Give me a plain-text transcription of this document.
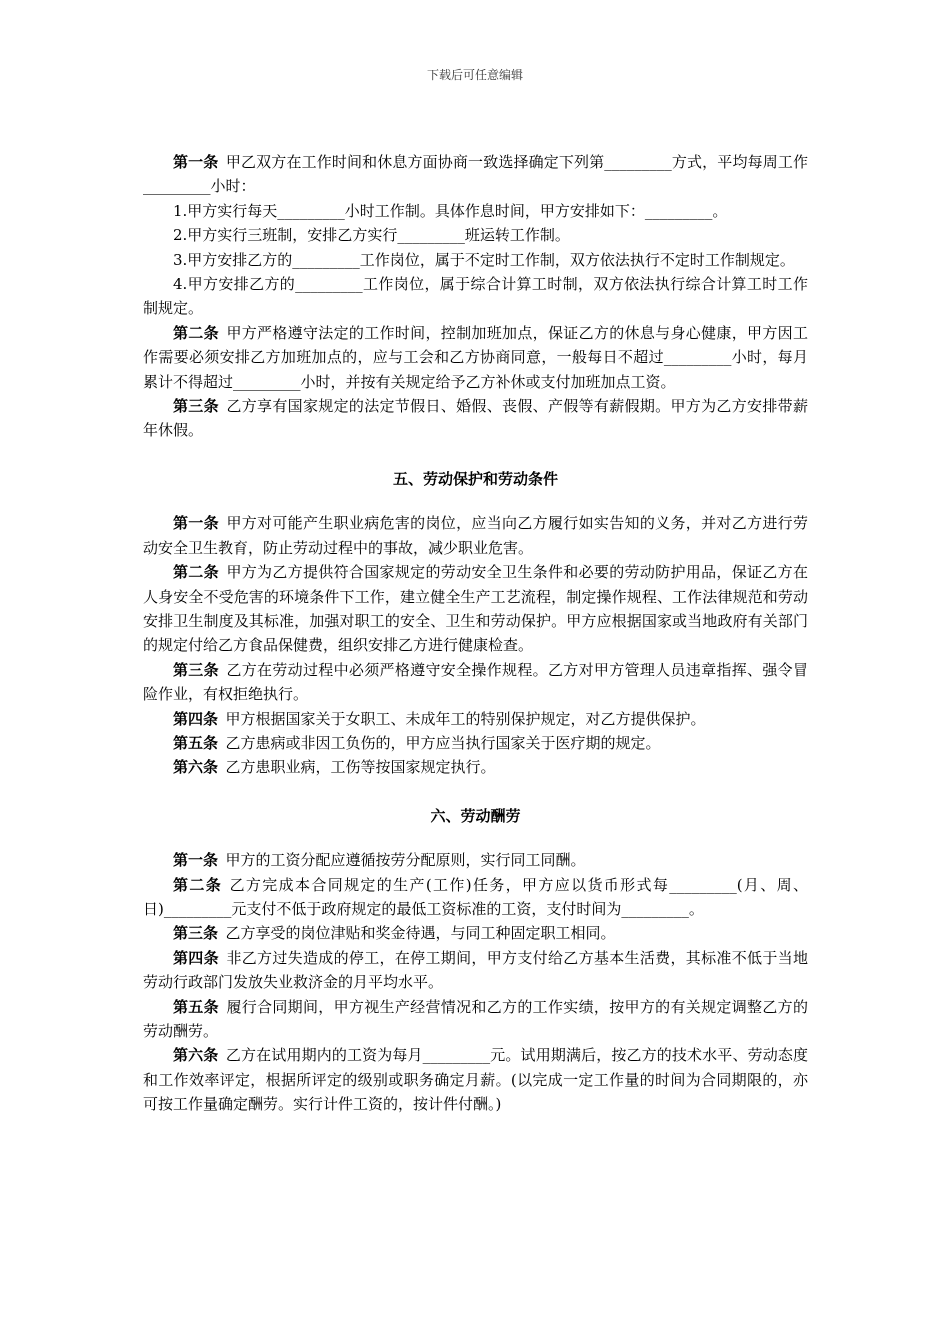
下载后可任意编辑

第一条 甲乙双方在工作时间和休息方面协商一致选择确定下列第_________方式，平均每周工作_________小时：

1.甲方实行每天_________小时工作制。具体作息时间，甲方安排如下：_________。

2.甲方实行三班制，安排乙方实行_________班运转工作制。

3.甲方安排乙方的_________工作岗位，属于不定时工作制，双方依法执行不定时工作制规定。

4.甲方安排乙方的_________工作岗位，属于综合计算工时制，双方依法执行综合计算工时工作制规定。

第二条 甲方严格遵守法定的工作时间，控制加班加点，保证乙方的休息与身心健康，甲方因工作需要必须安排乙方加班加点的，应与工会和乙方协商同意，一般每日不超过_________小时，每月累计不得超过_________小时，并按有关规定给予乙方补休或支付加班加点工资。

第三条 乙方享有国家规定的法定节假日、婚假、丧假、产假等有薪假期。甲方为乙方安排带薪年休假。

五、劳动保护和劳动条件

第一条 甲方对可能产生职业病危害的岗位，应当向乙方履行如实告知的义务，并对乙方进行劳动安全卫生教育，防止劳动过程中的事故，减少职业危害。

第二条 甲方为乙方提供符合国家规定的劳动安全卫生条件和必要的劳动防护用品，保证乙方在人身安全不受危害的环境条件下工作，建立健全生产工艺流程，制定操作规程、工作法律规范和劳动安排卫生制度及其标准，加强对职工的安全、卫生和劳动保护。甲方应根据国家或当地政府有关部门的规定付给乙方食品保健费，组织安排乙方进行健康检查。

第三条 乙方在劳动过程中必须严格遵守安全操作规程。乙方对甲方管理人员违章指挥、强令冒险作业，有权拒绝执行。

第四条 甲方根据国家关于女职工、未成年工的特别保护规定，对乙方提供保护。

第五条 乙方患病或非因工负伤的，甲方应当执行国家关于医疗期的规定。

第六条 乙方患职业病，工伤等按国家规定执行。

六、劳动酬劳

第一条 甲方的工资分配应遵循按劳分配原则，实行同工同酬。

第二条 乙方完成本合同规定的生产(工作)任务，甲方应以货币形式每_________(月、周、日)_________元支付不低于政府规定的最低工资标准的工资，支付时间为_________。

第三条 乙方享受的岗位津贴和奖金待遇，与同工种固定职工相同。

第四条 非乙方过失造成的停工，在停工期间，甲方支付给乙方基本生活费，其标准不低于当地劳动行政部门发放失业救济金的月平均水平。

第五条 履行合同期间，甲方视生产经营情况和乙方的工作实绩，按甲方的有关规定调整乙方的劳动酬劳。

第六条 乙方在试用期内的工资为每月_________元。试用期满后，按乙方的技术水平、劳动态度和工作效率评定，根据所评定的级别或职务确定月薪。(以完成一定工作量的时间为合同期限的，亦可按工作量确定酬劳。实行计件工资的，按计件付酬。)
